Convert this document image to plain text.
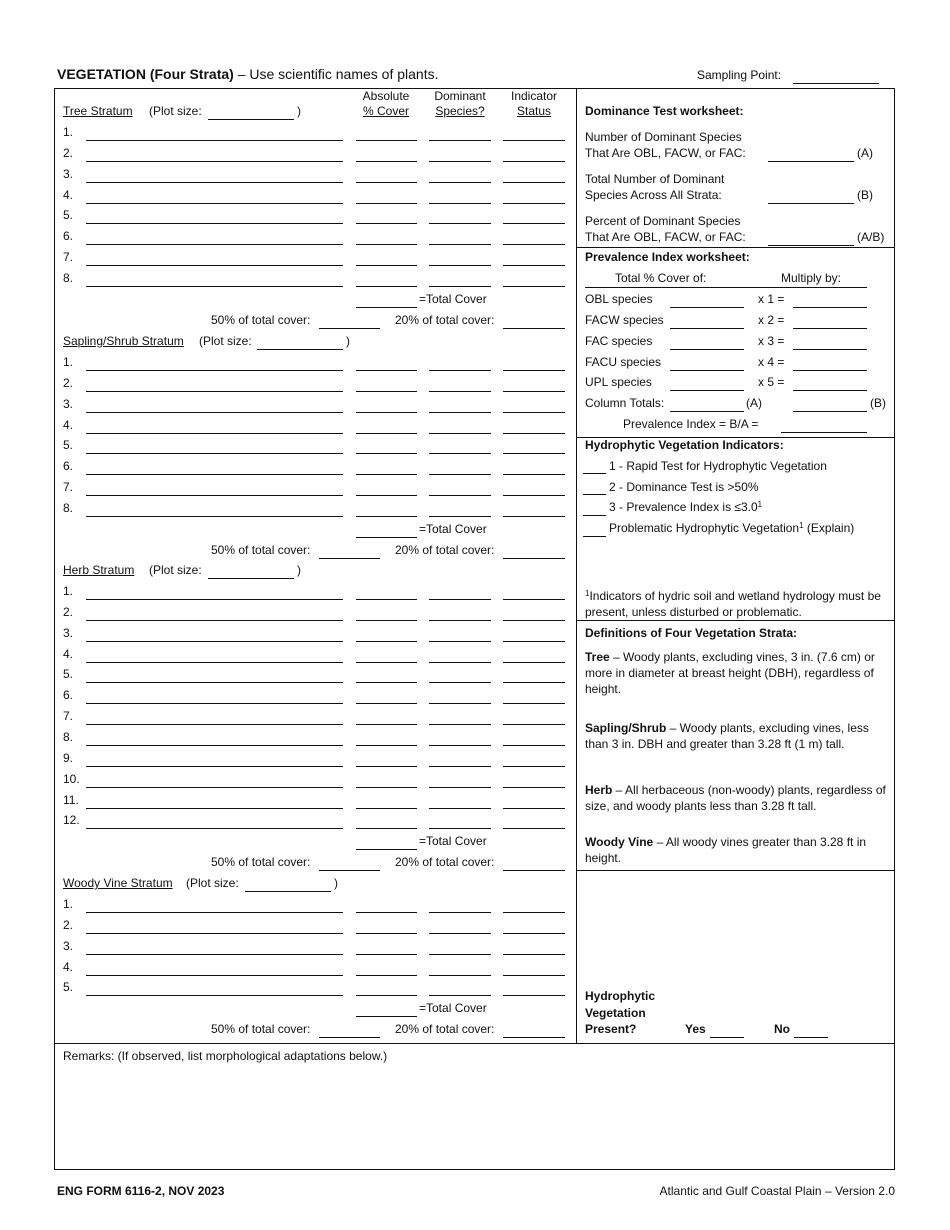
VEGETATION (Four Strata) – Use scientific names of plants.	Sampling Point:
Absolute
% Cover
Dominant
Species?
Indicator
Status
Tree Stratum (Plot size:	)
1.
2.
3.
4.
5.
6.
7.
8.
=Total Cover
50% of total cover:	20% of total cover:
Sapling/Shrub Stratum (Plot size:	)
1.
2.
3.
4.
5.
6.
7.
8.
=Total Cover
50% of total cover:	20% of total cover:
Herb Stratum (Plot size:	)
1.
2.
3.
4.
5.
6.
7.
8.
9.
10.
11.
12.
=Total Cover
50% of total cover:	20% of total cover:
Woody Vine Stratum (Plot size:	)
1.
2.
3.
4.
5.
=Total Cover
50% of total cover:	20% of total cover:
Dominance Test worksheet:
Number of Dominant Species
That Are OBL, FACW, or FAC:	(A)
Total Number of Dominant
Species Across All Strata:	(B)
Percent of Dominant Species
That Are OBL, FACW, or FAC:	(A/B)
Prevalence Index worksheet:
Total % Cover of:	Multiply by:
OBL species	x 1 =
FACW species	x 2 =
FAC species	x 3 =
FACU species	x 4 =
UPL species	x 5 =
Column Totals:	(A)	(B)
Prevalence Index = B/A =
Hydrophytic Vegetation Indicators:
1 - Rapid Test for Hydrophytic Vegetation
2 - Dominance Test is >50%
3 - Prevalence Index is $\le 3.0^1$
Problematic Hydrophytic Vegetation$^1$ (Explain)
$^1$Indicators of hydric soil and wetland hydrology must be present, unless disturbed or problematic.
Definitions of Four Vegetation Strata:
Tree – Woody plants, excluding vines, 3 in. (7.6 cm) or more in diameter at breast height (DBH), regardless of height.
Sapling/Shrub – Woody plants, excluding vines, less than 3 in. DBH and greater than 3.28 ft (1 m) tall.
Herb – All herbaceous (non-woody) plants, regardless of size, and woody plants less than 3.28 ft tall.
Woody Vine – All woody vines greater than 3.28 ft in height.
Hydrophytic
Vegetation
Present?	Yes	No
Remarks: (If observed, list morphological adaptations below.)
ENG FORM 6116-2, NOV 2023	Atlantic and Gulf Coastal Plain – Version 2.0
